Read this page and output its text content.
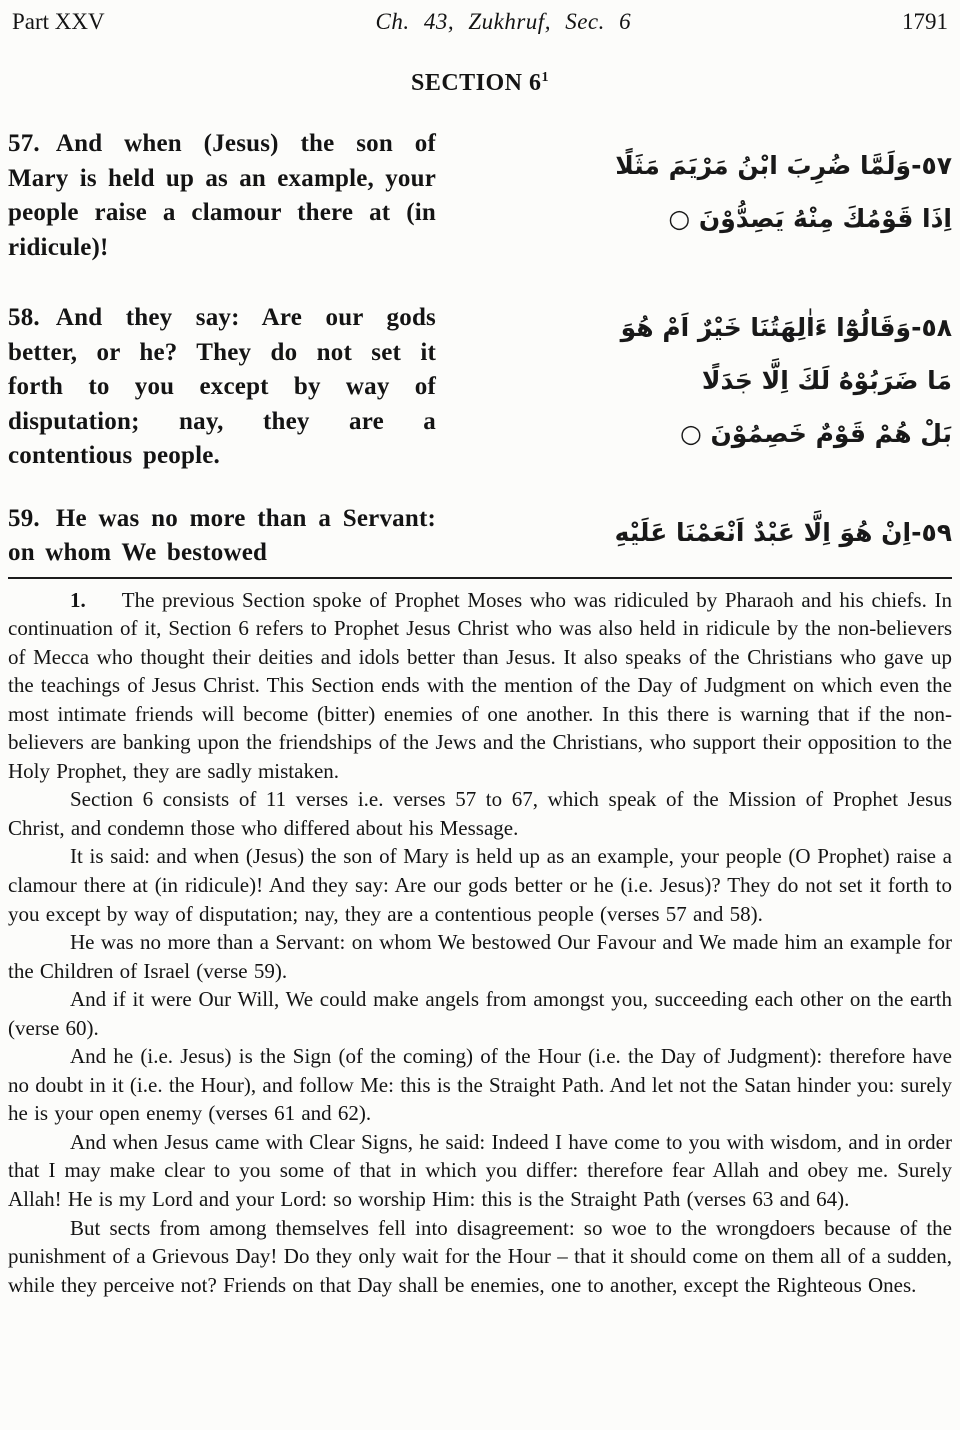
Part XXV	Ch. 43, Zukhruf, Sec. 6	1791
SECTION $6^1$
57. And when (Jesus) the son of Mary is held up as an example, your people raise a clamour there at (in ridicule)!
٥٧-وَلَمَّا ضُرِبَ ابْنُ مَرْيَمَ مَثَلًا
اِذَا قَوْمُكَ مِنْهُ يَصِدُّوْنَ ○
58. And they say: Are our gods better, or he? They do not set it forth to you except by way of disputation; nay, they are a contentious people.
٥٨-وَقَالُوْٓا ءَاٰلِهَتُنَا خَيْرٌ اَمْ هُوَ
مَا ضَرَبُوْهُ لَكَ اِلَّا جَدَلًا
بَلْ هُمْ قَوْمٌ خَصِمُوْنَ ○
59. He was no more than a Servant: on whom We bestowed
٥٩-اِنْ هُوَ اِلَّا عَبْدٌ اَنْعَمْنَا عَلَيْهِ

1. The previous Section spoke of Prophet Moses who was ridiculed by Pharaoh and his chiefs. In continuation of it, Section 6 refers to Prophet Jesus Christ who was also held in ridicule by the non-believers of Mecca who thought their deities and idols better than Jesus. It also speaks of the Christians who gave up the teachings of Jesus Christ. This Section ends with the mention of the Day of Judgment on which even the most intimate friends will become (bitter) enemies of one another. In this there is warning that if the non-believers are banking upon the friendships of the Jews and the Christians, who support their opposition to the Holy Prophet, they are sadly mistaken.

Section 6 consists of 11 verses i.e. verses 57 to 67, which speak of the Mission of Prophet Jesus Christ, and condemn those who differed about his Message.

It is said: and when (Jesus) the son of Mary is held up as an example, your people (O Prophet) raise a clamour there at (in ridicule)! And they say: Are our gods better or he (i.e. Jesus)? They do not set it forth to you except by way of disputation; nay, they are a contentious people (verses 57 and 58).

He was no more than a Servant: on whom We bestowed Our Favour and We made him an example for the Children of Israel (verse 59).

And if it were Our Will, We could make angels from amongst you, succeeding each other on the earth (verse 60).

And he (i.e. Jesus) is the Sign (of the coming) of the Hour (i.e. the Day of Judgment): therefore have no doubt in it (i.e. the Hour), and follow Me: this is the Straight Path. And let not the Satan hinder you: surely he is your open enemy (verses 61 and 62).

And when Jesus came with Clear Signs, he said: Indeed I have come to you with wisdom, and in order that I may make clear to you some of that in which you differ: therefore fear Allah and obey me. Surely Allah! He is my Lord and your Lord: so worship Him: this is the Straight Path (verses 63 and 64).

But sects from among themselves fell into disagreement: so woe to the wrongdoers because of the punishment of a Grievous Day! Do they only wait for the Hour – that it should come on them all of a sudden, while they perceive not? Friends on that Day shall be enemies, one to another, except the Righteous Ones.
